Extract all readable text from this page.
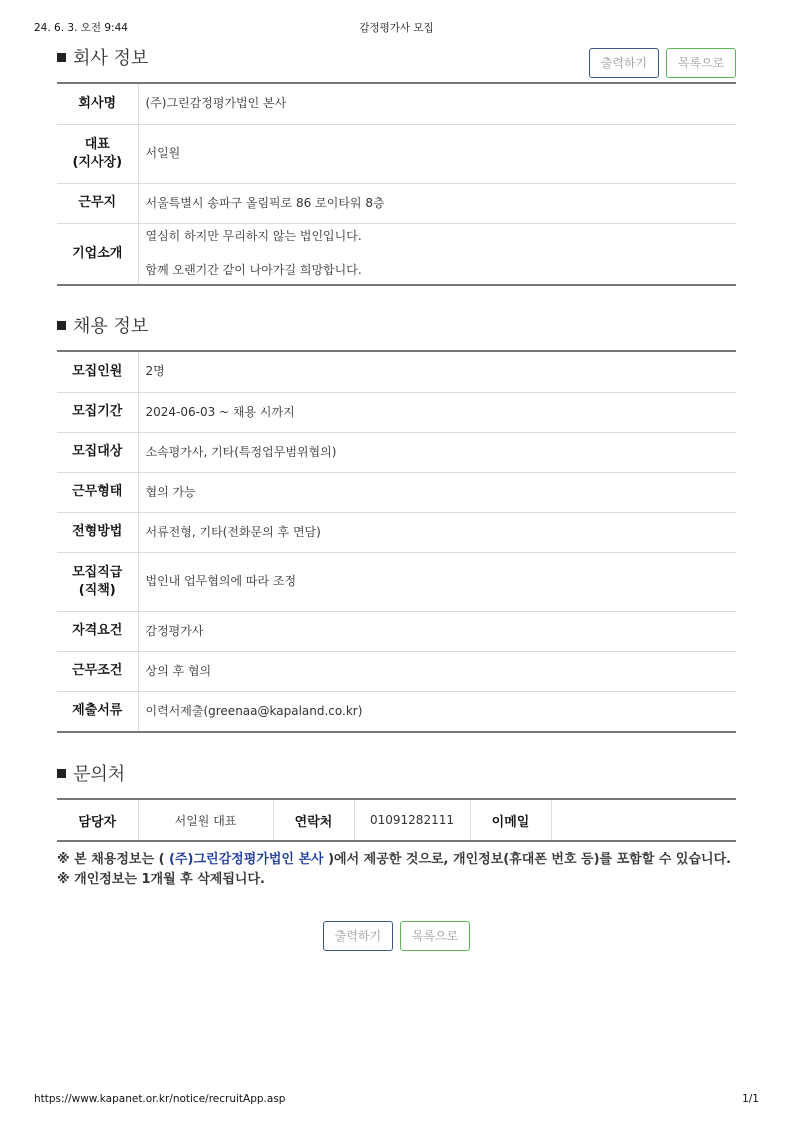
24. 6. 3. 오전 9:44	감정평가사 모집
회사 정보	출력하기	목록으로
회사명	(주)그린감정평가법인 본사
대표
(지사장)	서일원
근무지	서울특별시 송파구 올림픽로 86 로이타워 8층
기업소개	열심히 하지만 무리하지 않는 법인입니다.
함께 오랜기간 같이 나아가길 희망합니다.
채용 정보
모집인원	2명
모집기간	2024-06-03 ~ 채용 시까지
모집대상	소속평가사, 기타(특정업무범위협의)
근무형태	협의 가능
전형방법	서류전형, 기타(전화문의 후 면담)
모집직급
(직책)	법인내 업무협의에 따라 조정
자격요건	감정평가사
근무조건	상의 후 협의
제출서류	이력서제출(greenaa@kapaland.co.kr)
문의처
담당자	서일원 대표	연락처	01091282111	이메일	
※ 본 채용정보는 ( (주)그린감정평가법인 본사 )에서 제공한 것으로, 개인정보(휴대폰 번호 등)를 포함할 수 있습니다.
※ 개인정보는 1개월 후 삭제됩니다.
출력하기	목록으로
https://www.kapanet.or.kr/notice/recruitApp.asp	1/1
